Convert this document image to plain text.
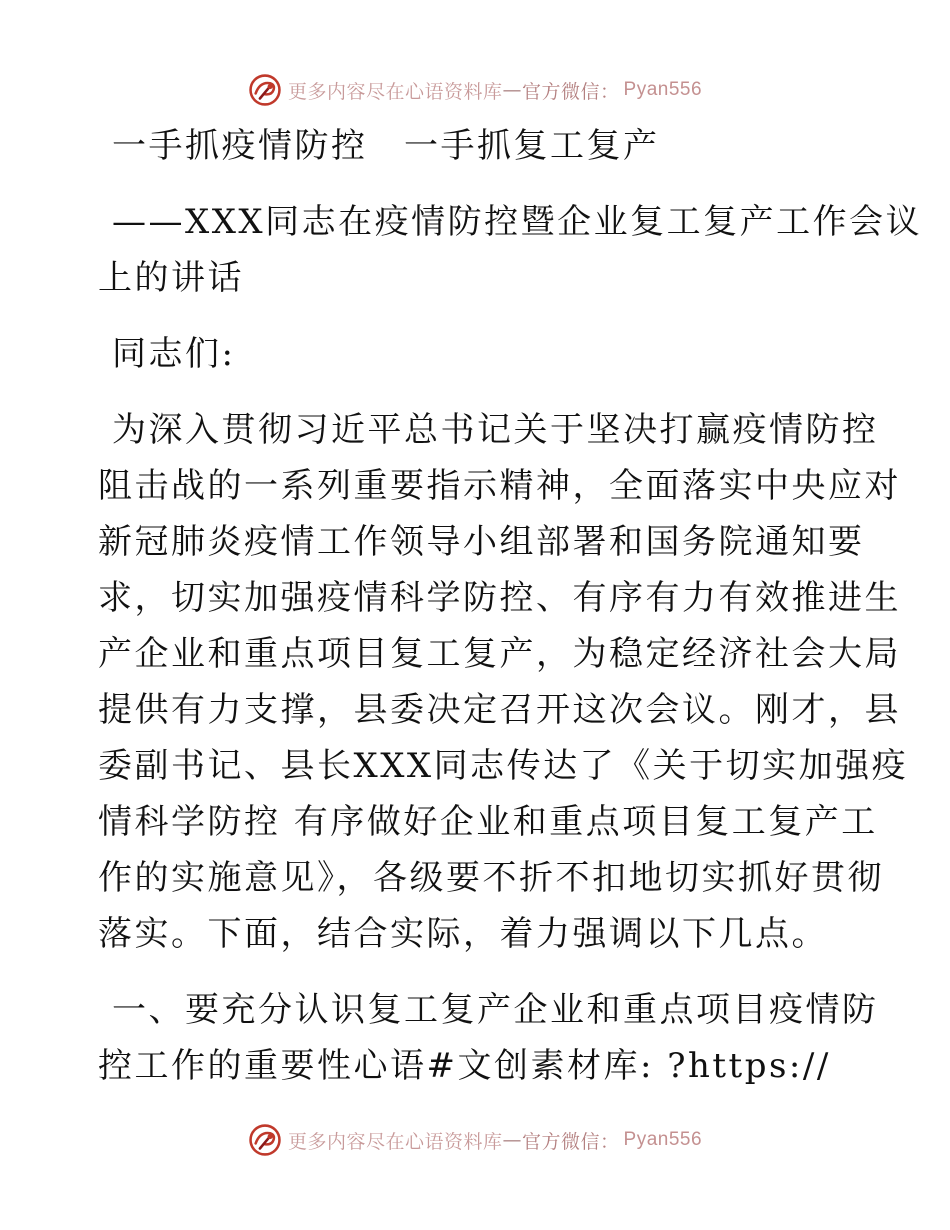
更多内容尽在心语资料库 — 官方微信 ： Pyan556
一手抓疫情防控　一手抓复工复产
——XXX同志在疫情防控暨企业复工复产工作会议
上的讲话
同志们:
为深入贯彻习近平总书记关于坚决打赢疫情防控
阻击战的一系列重要指示精神，全面落实中央应对
新冠肺炎疫情工作领导小组部署和国务院通知要
求，切实加强疫情科学防控、有序有力有效推进生
产企业和重点项目复工复产，为稳定经济社会大局
提供有力支撑，县委决定召开这次会议。刚才，县
委副书记、县长XXX同志传达了《关于切实加强疫
情科学防控 有序做好企业和重点项目复工复产工
作的实施意见》，各级要不折不扣地切实抓好贯彻
落实。下面，结合实际，着力强调以下几点。
一、要充分认识复工复产企业和重点项目疫情防
控工作的重要性心语#文创素材库: ?https://
更多内容尽在心语资料库 — 官方微信 ： Pyan556
